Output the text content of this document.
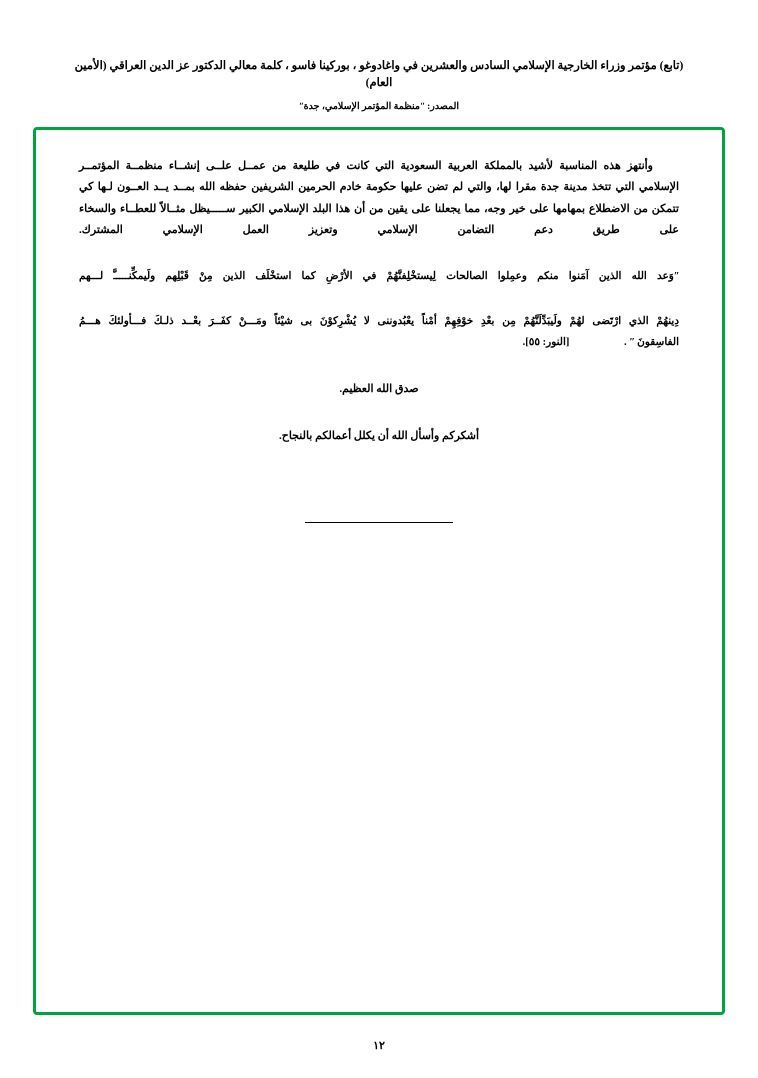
(تابع) مؤتمر وزراء الخارجية الإسلامي السادس والعشرين في واغادوغو ، بوركينا فاسو ، كلمة معالي الدكتور عز الدين العراقي (الأمين العام)
المصدر: ʺمنظمة المؤتمر الإسلامي، جدةʺ

وأنتهز هذه المناسبة لأشيد بالمملكة العربية السعودية التي كانت في طليعة من عمــل علــى إنشــاء منظمــة المؤتمــر الإسلامي التي تتخذ مدينة جدة مقرا لها، والتي لم تضن عليها حكومة خادم الحرمين الشريفين حفظه الله بمــد يــد العــون لـها كي تتمكن من الاضطلاع بمهامها على خير وجه، مما يجعلنا على يقين من أن هذا البلد الإسلامي الكبير ســـــيظل مثــالاً للعطــاء والسخاء على طريق دعم التضامن الإسلامي وتعزيز العمل الإسلامي المشترك.

ʺوَعد الله الذين آمَنوا منكم وعمِلوا الصالحات لِيستخْلِفنَّهُمْ في الأرْضِ كما استخْلَف الذين مِنْ قَبْلِهم ولَيمكِّنـــــَّ لـــهم

دِينهُمْ الذي ارْتَضى لهُمْ ولَيبَدِّلَنَّهُمْ مِن بعْدِ خوْفِهِمْ أمْناً يعْبُدوننى لا يُشْرِكوْنَ بى شيْئاً ومَـــنْ كفَــرَ بعْــد ذلـكَ فـــأولئكَ هـــمُ

الفاسِقونَ ʺ . [النور: ٥٥].

صدق الله العظيم.

أشكركم وأسأل الله أن يكلل أعمالكم بالنجاح.

١٢
